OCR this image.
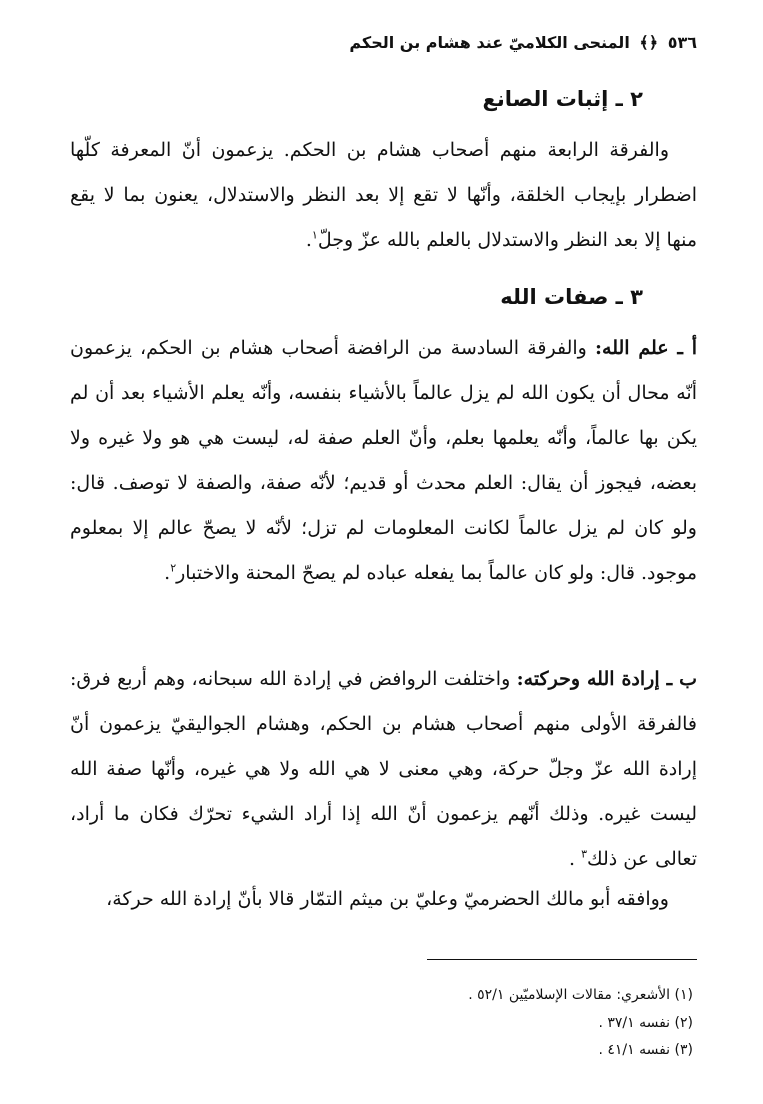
٥٣٦ ﴿﴾ المنحى الكلاميّ عند هشام بن الحكم
٢ ـ إثبات الصانع
والفرقة الرابعة منهم أصحاب هشام بن الحكم. يزعمون أنّ المعرفة كلّها اضطرار بإيجاب الخلقة، وأنّها لا تقع إلا بعد النظر والاستدلال، يعنون بما لا يقع منها إلا بعد النظر والاستدلال بالعلم بالله عزّ وجلّ$^١$.
٣ ـ صفات الله
أ ـ علم الله: والفرقة السادسة من الرافضة أصحاب هشام بن الحكم، يزعمون أنّه محال أن يكون الله لم يزل عالماً بالأشياء بنفسه، وأنّه يعلم الأشياء بعد أن لم يكن بها عالماً، وأنّه يعلمها بعلم، وأنّ العلم صفة له، ليست هي هو ولا غيره ولا بعضه، فيجوز أن يقال: العلم محدث أو قديم؛ لأنّه صفة، والصفة لا توصف. قال: ولو كان لم يزل عالماً لكانت المعلومات لم تزل؛ لأنّه لا يصحّ عالم إلا بمعلوم موجود. قال: ولو كان عالماً بما يفعله عباده لم يصحّ المحنة والاختبار$^٢$.
ب ـ إرادة الله وحركته: واختلفت الروافض في إرادة الله سبحانه، وهم أربع فرق: فالفرقة الأولى منهم أصحاب هشام بن الحكم، وهشام الجواليقيّ يزعمون أنّ إرادة الله عزّ وجلّ حركة، وهي معنى لا هي الله ولا هي غيره، وأنّها صفة الله ليست غيره. وذلك أنّهم يزعمون أنّ الله إذا أراد الشيء تحرّك فكان ما أراد، تعالى عن ذلك$^٣$ .
ووافقه أبو مالك الحضرميّ وعليّ بن ميثم التمّار قالا بأنّ إرادة الله حركة،
(١) الأشعري: مقالات الإسلاميّين ٥٢/١ .
(٢) نفسه ٣٧/١ .
(٣) نفسه ٤١/١ .
